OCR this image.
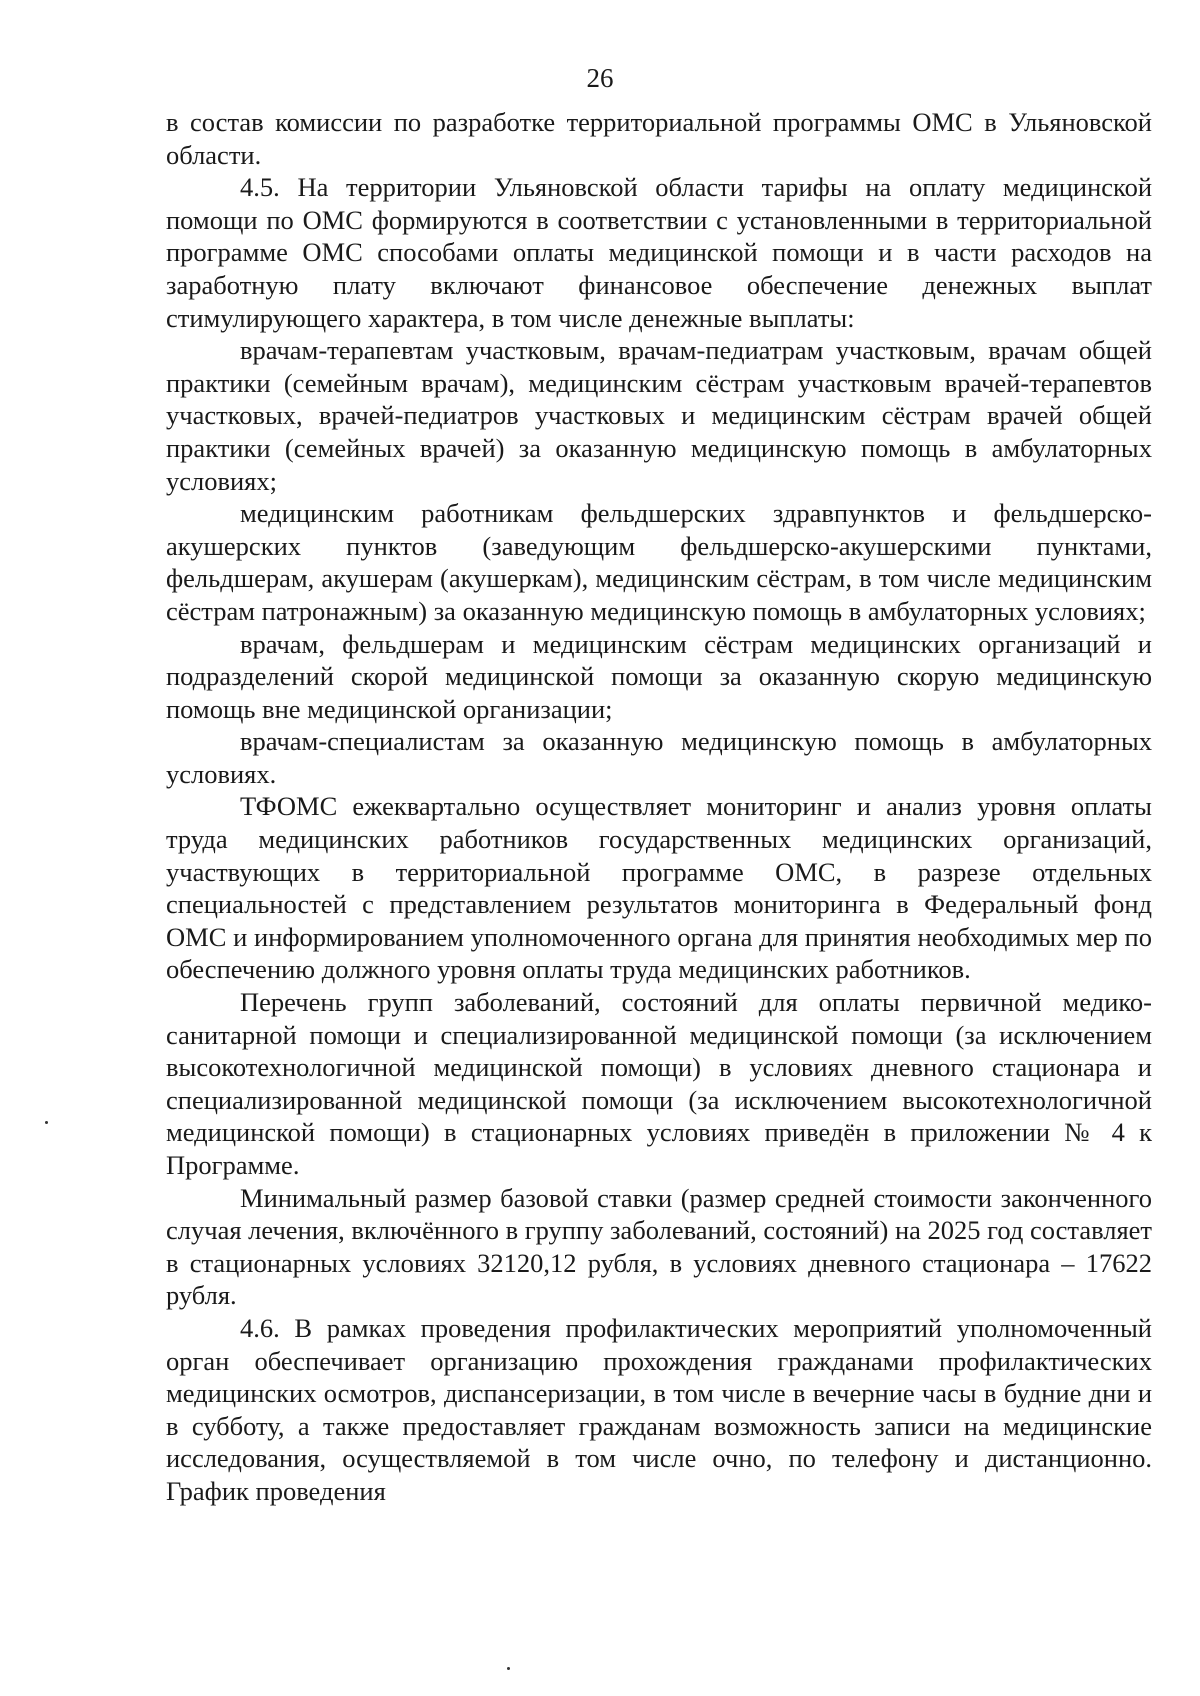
26

в состав комиссии по разработке территориальной программы ОМС в Ульяновской области.

4.5. На территории Ульяновской области тарифы на оплату медицинской помощи по ОМС формируются в соответствии с установленными в территориальной программе ОМС способами оплаты медицинской помощи и в части расходов на заработную плату включают финансовое обеспечение денежных выплат стимулирующего характера, в том числе денежные выплаты:

врачам-терапевтам участковым, врачам-педиатрам участковым, врачам общей практики (семейным врачам), медицинским сёстрам участковым врачей-терапевтов участковых, врачей-педиатров участковых и медицинским сёстрам врачей общей практики (семейных врачей) за оказанную медицинскую помощь в амбулаторных условиях;

медицинским работникам фельдшерских здравпунктов и фельдшерско-акушерских пунктов (заведующим фельдшерско-акушерскими пунктами, фельдшерам, акушерам (акушеркам), медицинским сёстрам, в том числе медицинским сёстрам патронажным) за оказанную медицинскую помощь в амбулаторных условиях;

врачам, фельдшерам и медицинским сёстрам медицинских организаций и подразделений скорой медицинской помощи за оказанную скорую медицинскую помощь вне медицинской организации;

врачам-специалистам за оказанную медицинскую помощь в амбулаторных условиях.

ТФОМС ежеквартально осуществляет мониторинг и анализ уровня оплаты труда медицинских работников государственных медицинских организаций, участвующих в территориальной программе ОМС, в разрезе отдельных специальностей с представлением результатов мониторинга в Федеральный фонд ОМС и информированием уполномоченного органа для принятия необходимых мер по обеспечению должного уровня оплаты труда медицинских работников.

Перечень групп заболеваний, состояний для оплаты первичной медико-санитарной помощи и специализированной медицинской помощи (за исключением высокотехнологичной медицинской помощи) в условиях дневного стационара и специализированной медицинской помощи (за исключением высокотехнологичной медицинской помощи) в стационарных условиях приведён в приложении № 4 к Программе.

Минимальный размер базовой ставки (размер средней стоимости законченного случая лечения, включённого в группу заболеваний, состояний) на 2025 год составляет в стационарных условиях 32120,12 рубля, в условиях дневного стационара – 17622 рубля.

4.6. В рамках проведения профилактических мероприятий уполномоченный орган обеспечивает организацию прохождения гражданами профилактических медицинских осмотров, диспансеризации, в том числе в вечерние часы в будние дни и в субботу, а также предоставляет гражданам возможность записи на медицинские исследования, осуществляемой в том числе очно, по телефону и дистанционно. График проведения
